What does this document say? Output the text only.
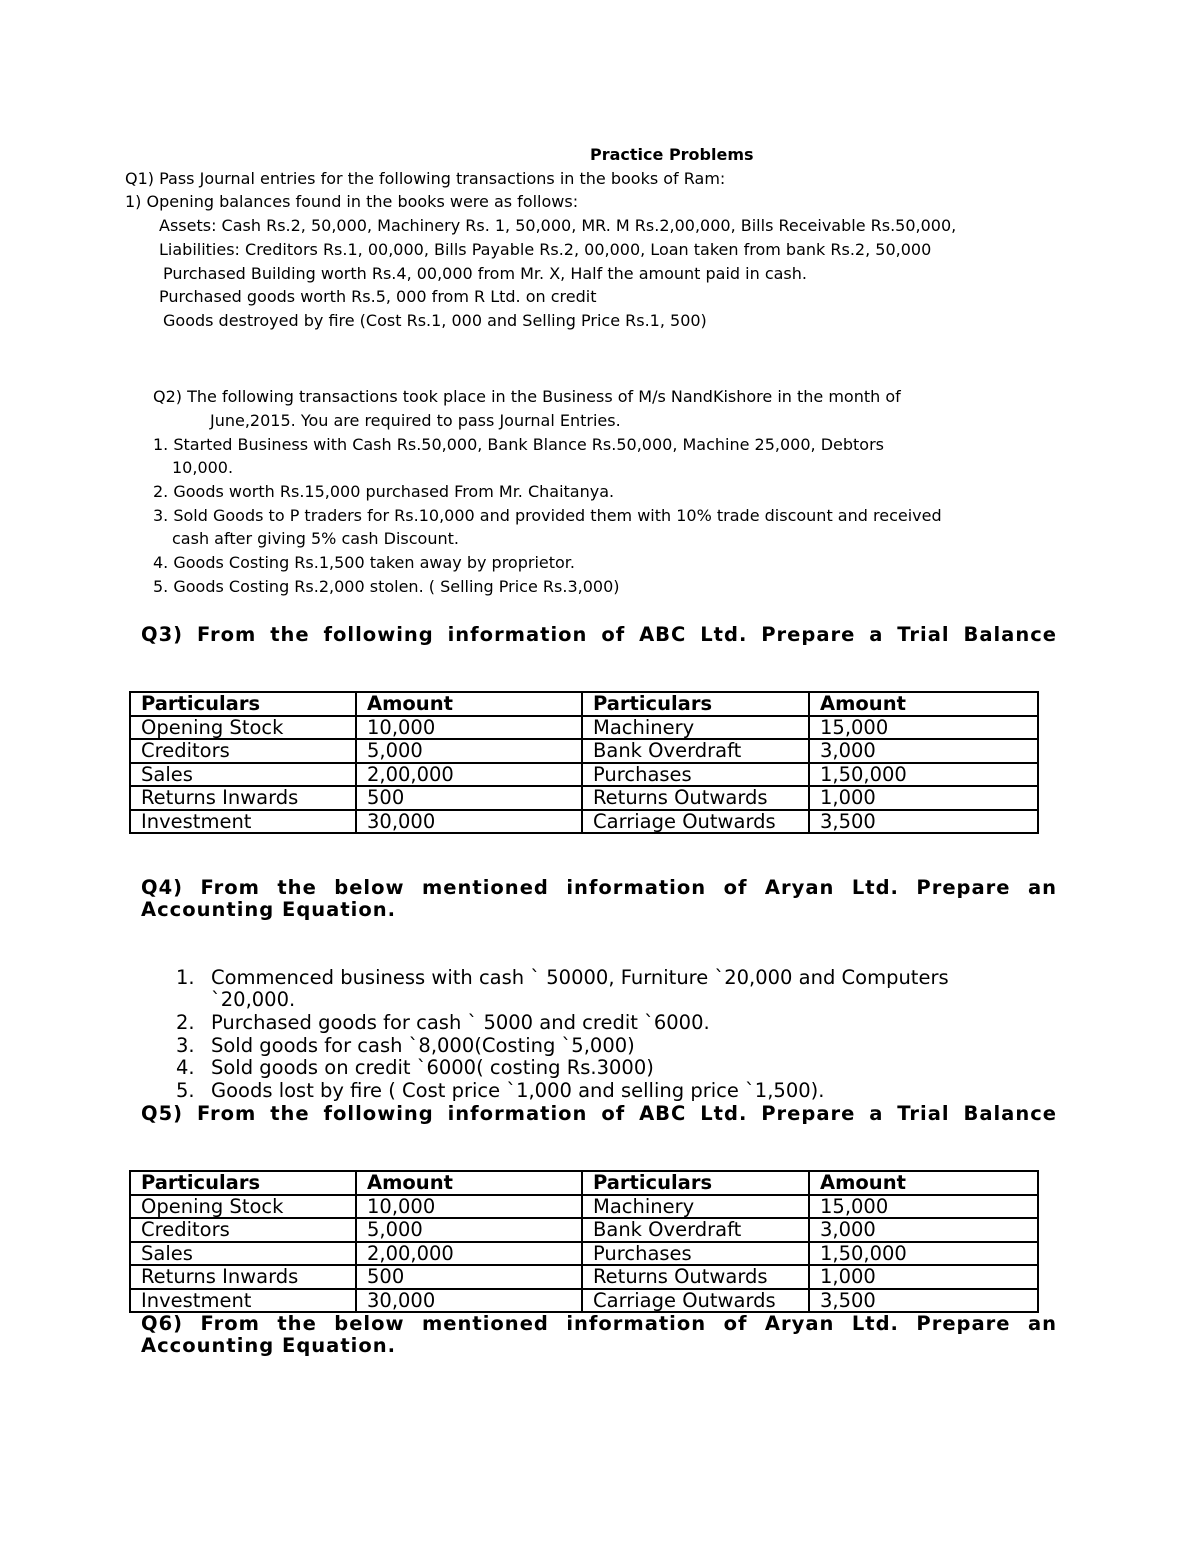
Practice Problems
Q1) Pass Journal entries for the following transactions in the books of Ram:
1) Opening balances found in the books were as follows:
Assets: Cash Rs.2, 50,000, Machinery Rs. 1, 50,000, MR. M Rs.2,00,000, Bills Receivable Rs.50,000,
Liabilities: Creditors Rs.1, 00,000, Bills Payable Rs.2, 00,000, Loan taken from bank Rs.2, 50,000
Purchased Building worth Rs.4, 00,000 from Mr. X, Half the amount paid in cash.
Purchased goods worth Rs.5, 000 from R Ltd. on credit
Goods destroyed by fire (Cost Rs.1, 000 and Selling Price Rs.1, 500)
Q2) The following transactions took place in the Business of M/s NandKishore in the month of
June,2015. You are required to pass Journal Entries.
1. Started Business with Cash Rs.50,000, Bank Blance Rs.50,000, Machine 25,000, Debtors
10,000.
2. Goods worth Rs.15,000 purchased From Mr. Chaitanya.
3. Sold Goods to P traders for Rs.10,000 and provided them with 10% trade discount and received
cash after giving 5% cash Discount.
4. Goods Costing Rs.1,500 taken away by proprietor.
5. Goods Costing Rs.2,000 stolen. ( Selling Price Rs.3,000)
Q3) From the following information of ABC Ltd. Prepare a Trial Balance
Particulars	Amount	Particulars	Amount
Opening Stock	10,000	Machinery	15,000
Creditors	5,000	Bank Overdraft	3,000
Sales	2,00,000	Purchases	1,50,000
Returns Inwards	500	Returns Outwards	1,000
Investment	30,000	Carriage Outwards	3,500
Q4) From the below mentioned information of Aryan Ltd. Prepare an
Accounting Equation.
1. Commenced business with cash ` 50000, Furniture `20,000 and Computers
`20,000.
2. Purchased goods for cash ` 5000 and credit `6000.
3. Sold goods for cash `8,000(Costing `5,000)
4. Sold goods on credit `6000( costing Rs.3000)
5. Goods lost by fire ( Cost price `1,000 and selling price `1,500).
Q5) From the following information of ABC Ltd. Prepare a Trial Balance
Particulars	Amount	Particulars	Amount
Opening Stock	10,000	Machinery	15,000
Creditors	5,000	Bank Overdraft	3,000
Sales	2,00,000	Purchases	1,50,000
Returns Inwards	500	Returns Outwards	1,000
Investment	30,000	Carriage Outwards	3,500
Q6) From the below mentioned information of Aryan Ltd. Prepare an
Accounting Equation.
